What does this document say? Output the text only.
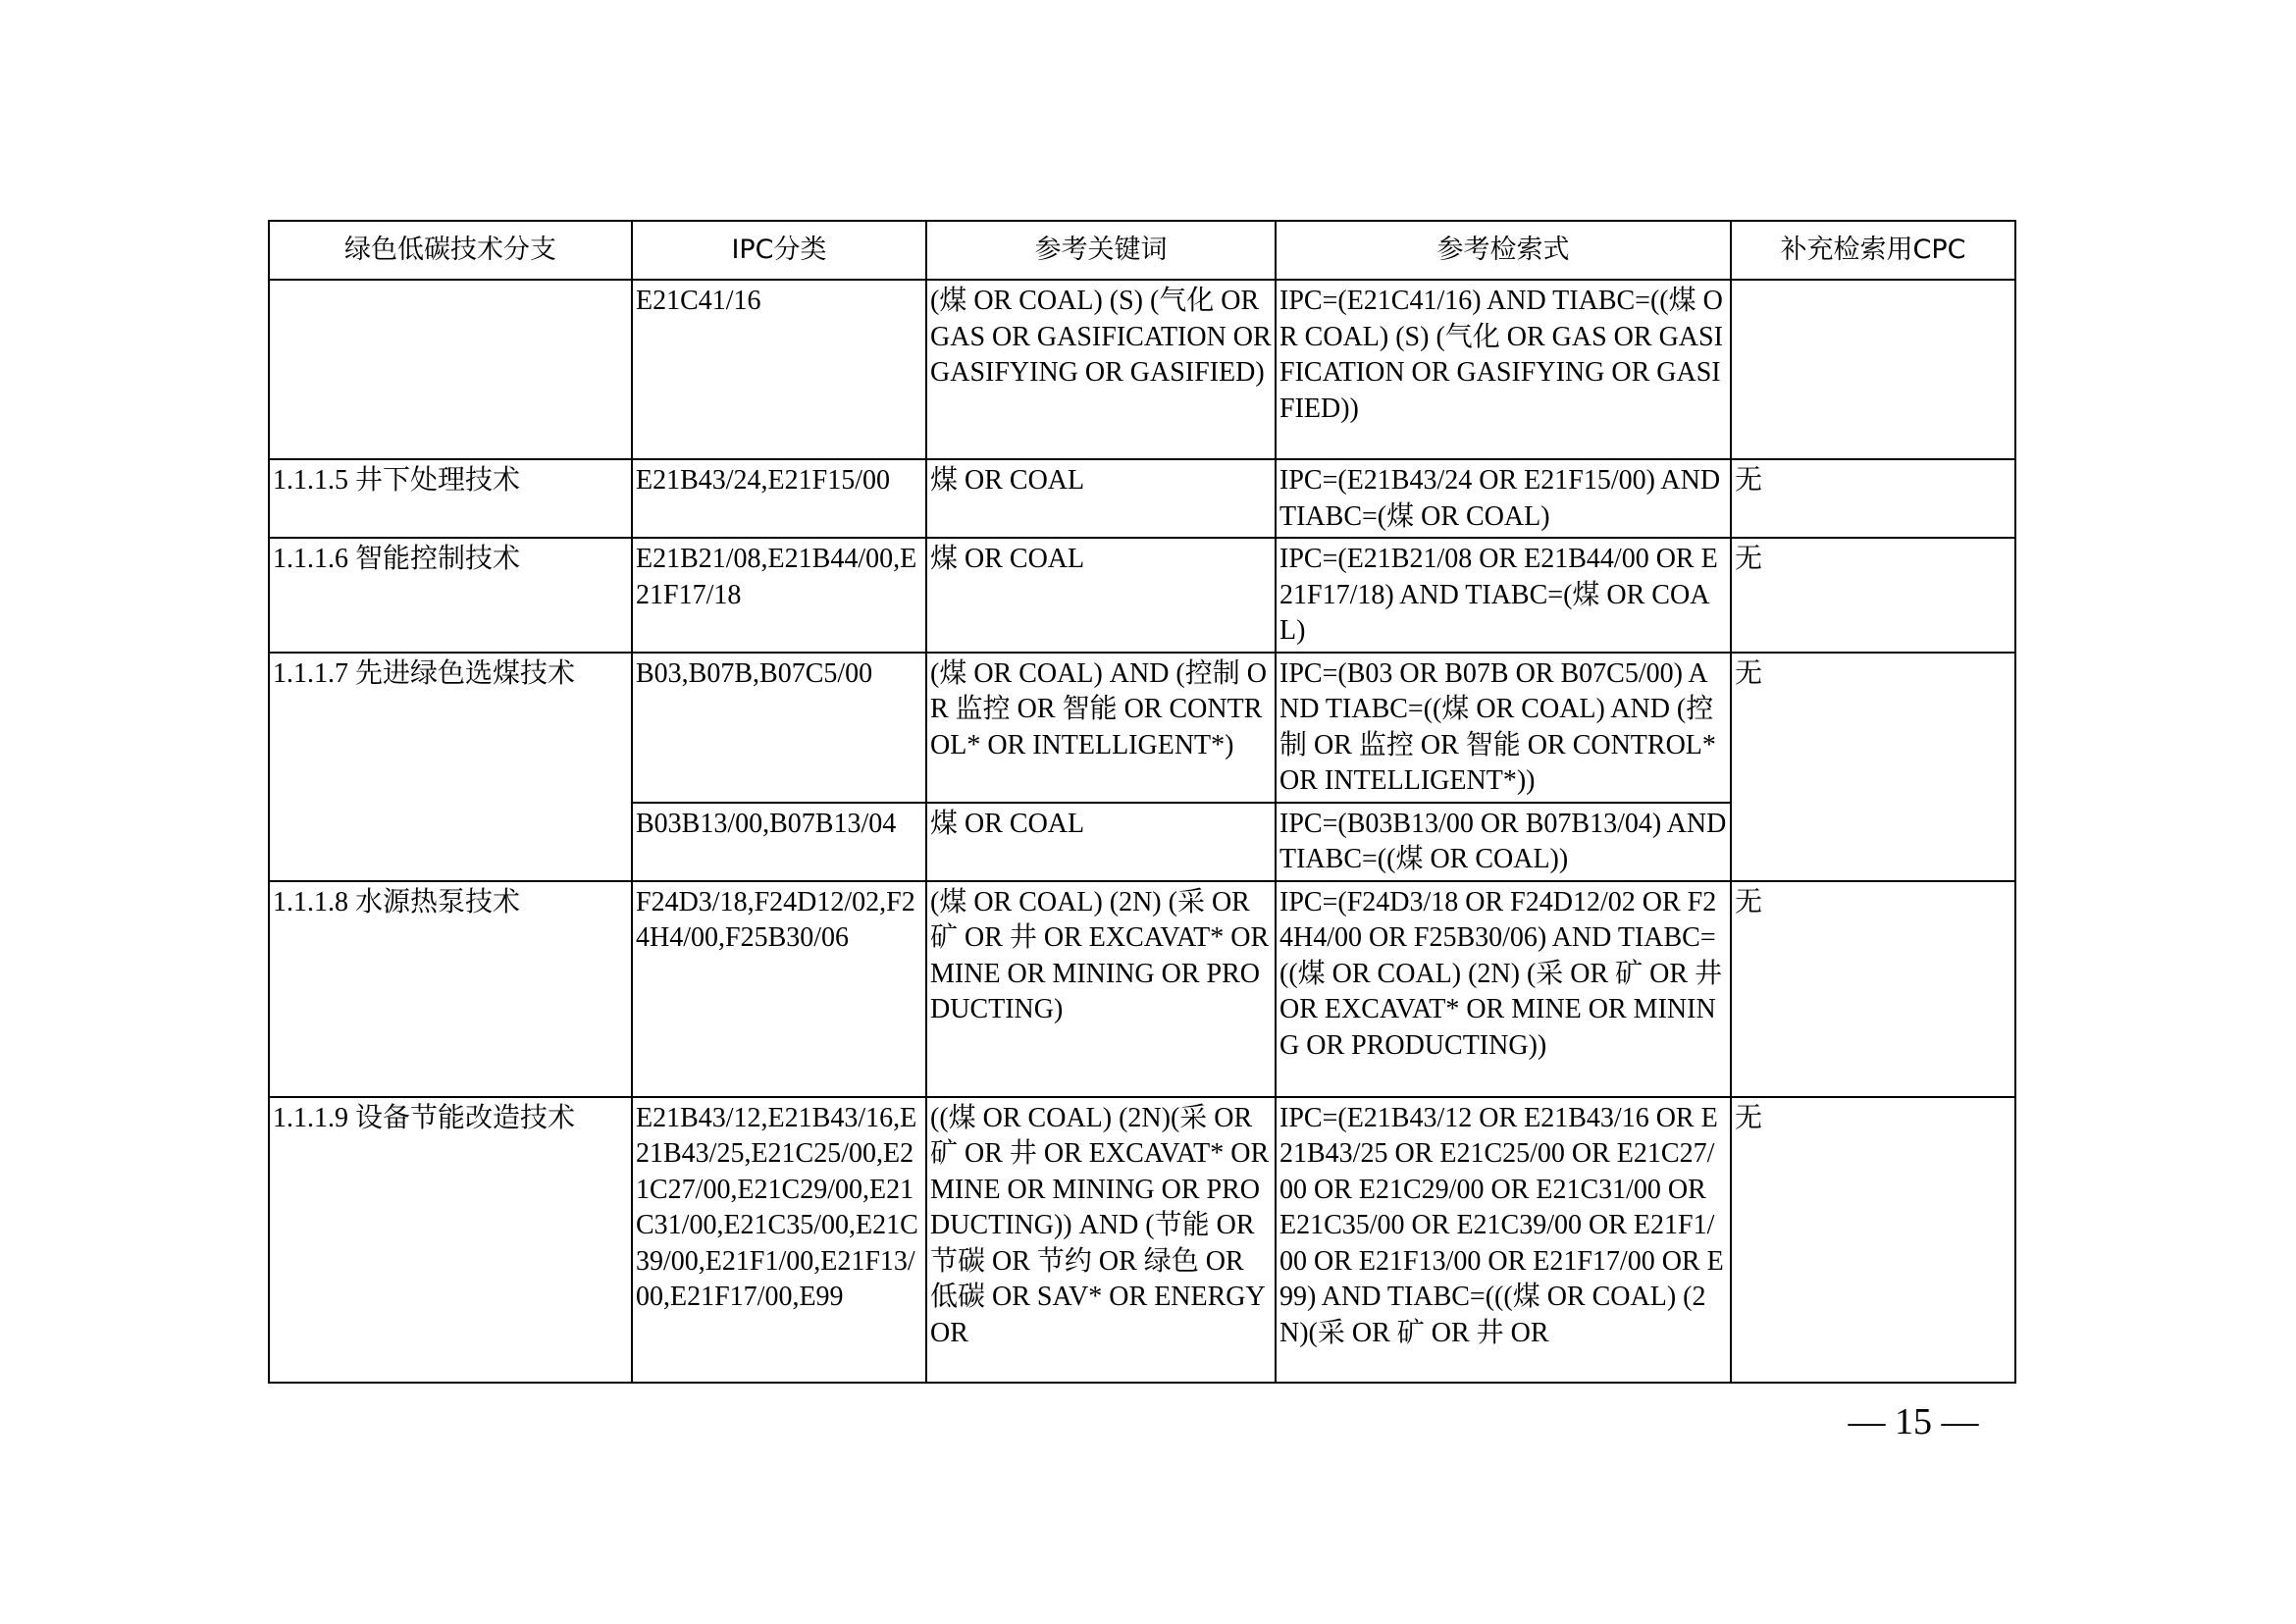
绿色低碳技术分支	IPC分类	参考关键词	参考检索式	补充检索用CPC
	E21C41/16	(煤 OR COAL) (S) (气化 OR GAS OR GASIFICATION OR GASIFYING OR GASIFIED)	IPC=(E21C41/16) AND TIABC=((煤 OR COAL) (S) (气化 OR GAS OR GASIFICATION OR GASIFYING OR GASIFIED))	
1.1.1.5 井下处理技术	E21B43/24,E21F15/00	煤 OR COAL	IPC=(E21B43/24 OR E21F15/00) AND TIABC=(煤 OR COAL)	无
1.1.1.6 智能控制技术	E21B21/08,E21B44/00,E21F17/18	煤 OR COAL	IPC=(E21B21/08 OR E21B44/00 OR E21F17/18) AND TIABC=(煤 OR COAL)	无
1.1.1.7 先进绿色选煤技术	B03,B07B,B07C5/00	(煤 OR COAL) AND (控制 OR 监控 OR 智能 OR CONTROL* OR INTELLIGENT*)	IPC=(B03 OR B07B OR B07C5/00) AND TIABC=((煤 OR COAL) AND (控制 OR 监控 OR 智能 OR CONTROL* OR INTELLIGENT*))	无
	B03B13/00,B07B13/04	煤 OR COAL	IPC=(B03B13/00 OR B07B13/04) AND TIABC=((煤 OR COAL))	
1.1.1.8 水源热泵技术	F24D3/18,F24D12/02,F24H4/00,F25B30/06	(煤 OR COAL) (2N) (采 OR 矿 OR 井 OR EXCAVAT* OR MINE OR MINING OR PRODUCTING)	IPC=(F24D3/18 OR F24D12/02 OR F24H4/00 OR F25B30/06) AND TIABC=((煤 OR COAL) (2N) (采 OR 矿 OR 井 OR EXCAVAT* OR MINE OR MINING OR PRODUCTING))	无
1.1.1.9 设备节能改造技术	E21B43/12,E21B43/16,E21B43/25,E21C25/00,E21C27/00,E21C29/00,E21C31/00,E21C35/00,E21C39/00,E21F1/00,E21F13/00,E21F17/00,E99	((煤 OR COAL) (2N)(采 OR 矿 OR 井 OR EXCAVAT* OR MINE OR MINING OR PRODUCTING)) AND (节能 OR 节碳 OR 节约 OR 绿色 OR 低碳 OR SAV* OR ENERGY OR	IPC=(E21B43/12 OR E21B43/16 OR E21B43/25 OR E21C25/00 OR E21C27/00 OR E21C29/00 OR E21C31/00 OR E21C35/00 OR E21C39/00 OR E21F1/00 OR E21F13/00 OR E21F17/00 OR E99) AND TIABC=(((煤 OR COAL) (2N)(采 OR 矿 OR 井 OR	无
— 15 —
